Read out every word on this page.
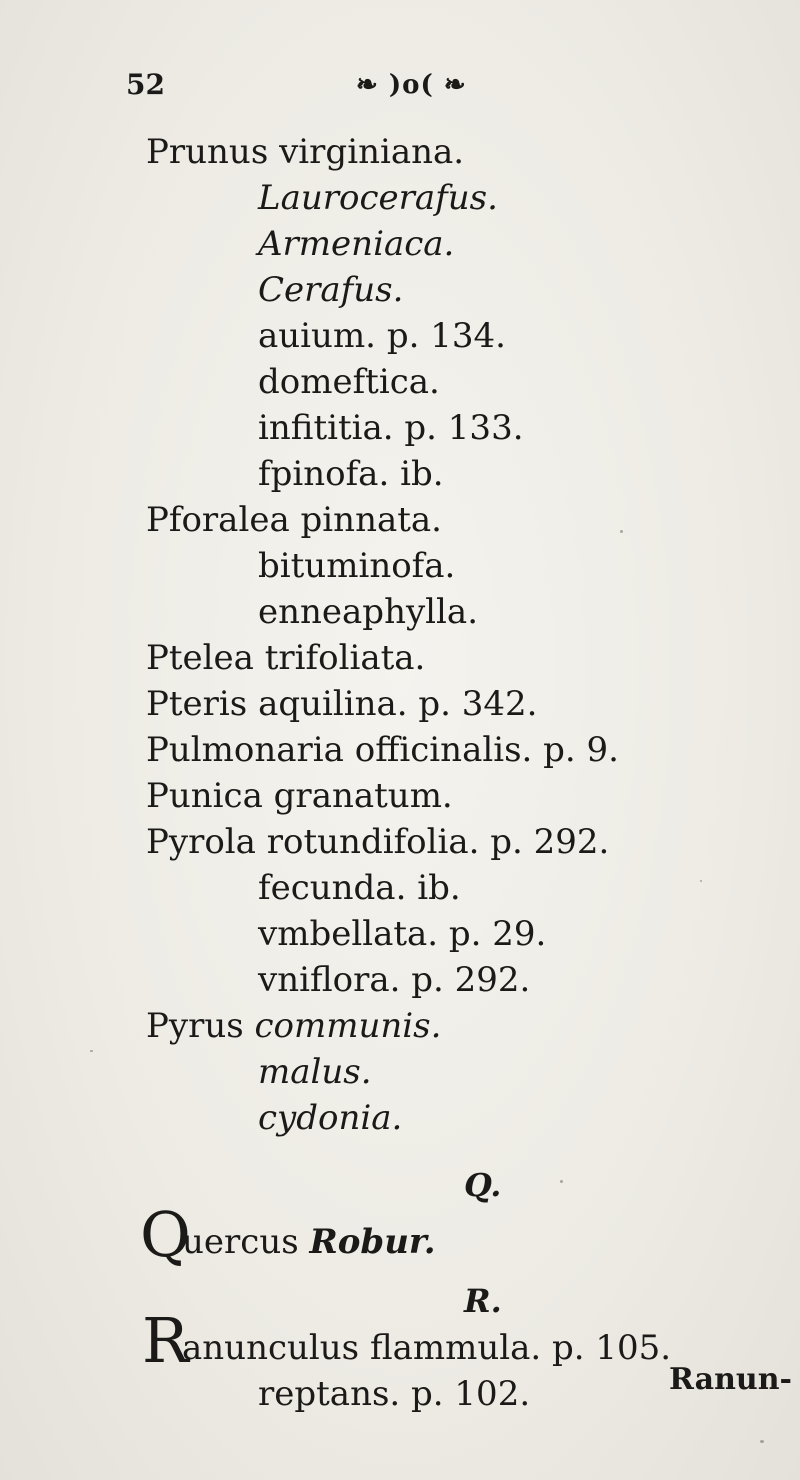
52	❧ )o( ❧
Prunus virginiana.
Laurocerafus.
Armeniaca.
Cerafus.
auium. p. 134.
domeftica.
infititia. p. 133.
fpinofa. ib.
Pforalea pinnata.
bituminofa.
enneaphylla.
Ptelea trifoliata.
Pteris aquilina. p. 342.
Pulmonaria officinalis. p. 9.
Punica granatum.
Pyrola rotundifolia. p. 292.
fecunda. ib.
vmbellata. p. 29.
vniflora. p. 292.
Pyrus communis.
malus.
cydonia.
Q.
Q
uercus Robur.
R.
R
anunculus flammula. p. 105.
reptans. p. 102.	Ranun-
